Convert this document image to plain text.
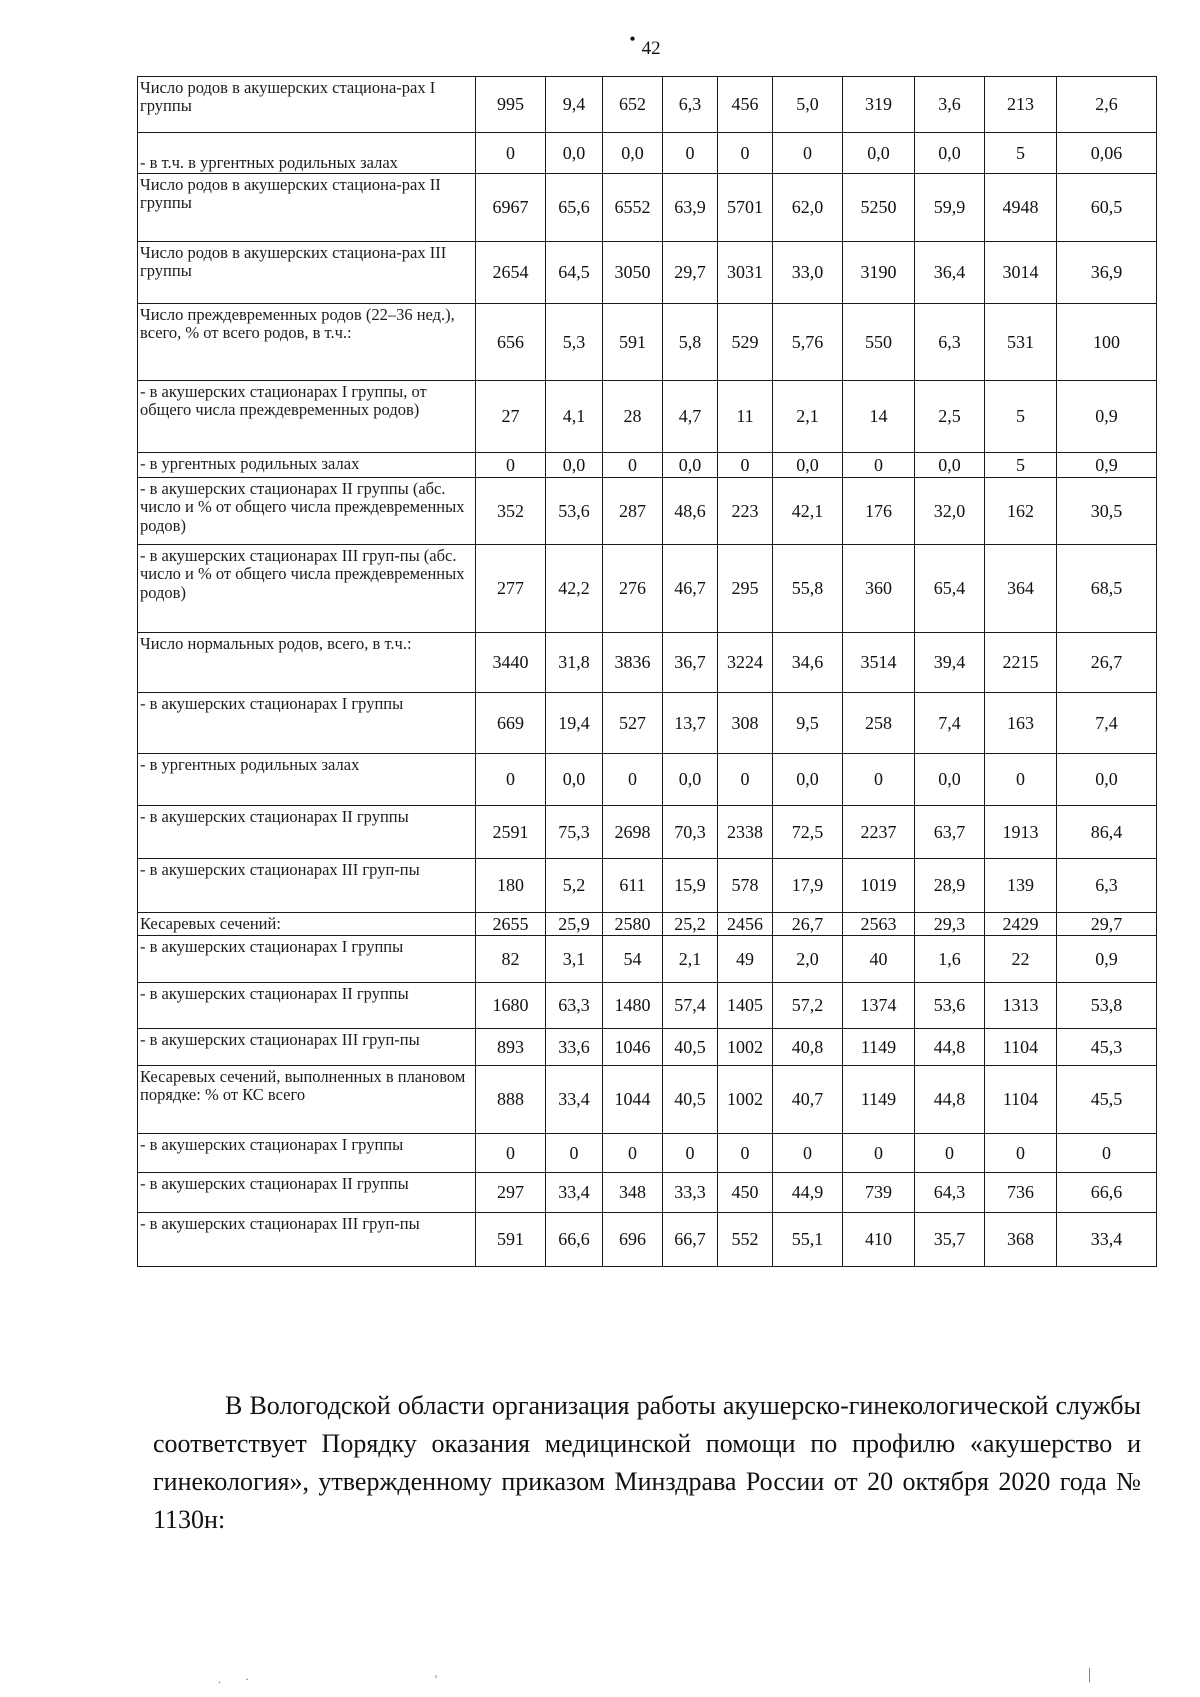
• 42
Число родов в акушерских стациона-рах I группы	995	9,4	652	6,3	456	5,0	319	3,6	213	2,6
- в т.ч. в ургентных родильных залах	0	0,0	0,0	0	0	0	0,0	0,0	5	0,06
Число родов в акушерских стациона-рах II группы	6967	65,6	6552	63,9	5701	62,0	5250	59,9	4948	60,5
Число родов в акушерских стациона-рах III группы	2654	64,5	3050	29,7	3031	33,0	3190	36,4	3014	36,9
Число преждевременных родов (22–36 нед.), всего, % от всего родов, в т.ч.:	656	5,3	591	5,8	529	5,76	550	6,3	531	100
- в акушерских стационарах I группы, от общего числа преждевременных родов)	27	4,1	28	4,7	11	2,1	14	2,5	5	0,9
- в ургентных родильных залах	0	0,0	0	0,0	0	0,0	0	0,0	5	0,9
- в акушерских стационарах II группы (абс. число и % от общего числа преждевременных родов)	352	53,6	287	48,6	223	42,1	176	32,0	162	30,5
- в акушерских стационарах III груп-пы (абс. число и % от общего числа преждевременных родов)	277	42,2	276	46,7	295	55,8	360	65,4	364	68,5
Число нормальных родов, всего, в т.ч.:	3440	31,8	3836	36,7	3224	34,6	3514	39,4	2215	26,7
- в акушерских стационарах I группы	669	19,4	527	13,7	308	9,5	258	7,4	163	7,4
- в ургентных родильных залах	0	0,0	0	0,0	0	0,0	0	0,0	0	0,0
- в акушерских стационарах II группы	2591	75,3	2698	70,3	2338	72,5	2237	63,7	1913	86,4
- в акушерских стационарах III груп-пы	180	5,2	611	15,9	578	17,9	1019	28,9	139	6,3
Кесаревых сечений:	2655	25,9	2580	25,2	2456	26,7	2563	29,3	2429	29,7
- в акушерских стационарах I группы	82	3,1	54	2,1	49	2,0	40	1,6	22	0,9
- в акушерских стационарах II группы	1680	63,3	1480	57,4	1405	57,2	1374	53,6	1313	53,8
- в акушерских стационарах III груп-пы	893	33,6	1046	40,5	1002	40,8	1149	44,8	1104	45,3
Кесаревых сечений, выполненных в плановом порядке: % от КС всего	888	33,4	1044	40,5	1002	40,7	1149	44,8	1104	45,5
- в акушерских стационарах I группы	0	0	0	0	0	0	0	0	0	0
- в акушерских стационарах II группы	297	33,4	348	33,3	450	44,9	739	64,3	736	66,6
- в акушерских стационарах III груп-пы	591	66,6	696	66,7	552	55,1	410	35,7	368	33,4

В Вологодской области организация работы акушерско-гинекологической службы соответствует Порядку оказания медицинской помощи по профилю «акушерство и гинекология», утвержденному приказом Минздрава России от 20 октября 2020 года № 1130н:

. ·	'	|
